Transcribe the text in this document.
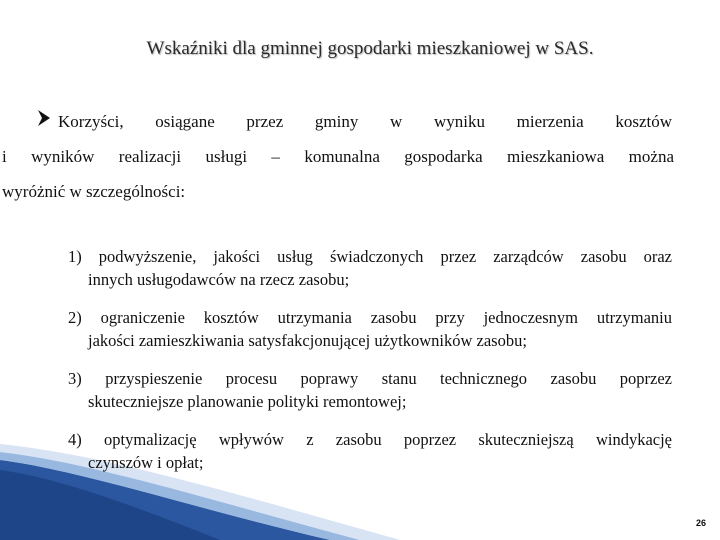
Wskaźniki dla gminnej gospodarki mieszkaniowej w SAS.
Korzyści, osiągane przez gminy w wyniku mierzenia kosztów
i wyników realizacji usługi – komunalna gospodarka mieszkaniowa można
wyróżnić w szczególności:
1) podwyższenie, jakości usług świadczonych przez zarządców zasobu oraz
innych usługodawców na rzecz zasobu;
2) ograniczenie kosztów utrzymania zasobu przy jednoczesnym utrzymaniu
jakości zamieszkiwania satysfakcjonującej użytkowników zasobu;
3) przyspieszenie procesu poprawy stanu technicznego zasobu poprzez
skuteczniejsze planowanie polityki remontowej;
4) optymalizację wpływów z zasobu poprzez skuteczniejszą windykację
czynszów i opłat;
26
